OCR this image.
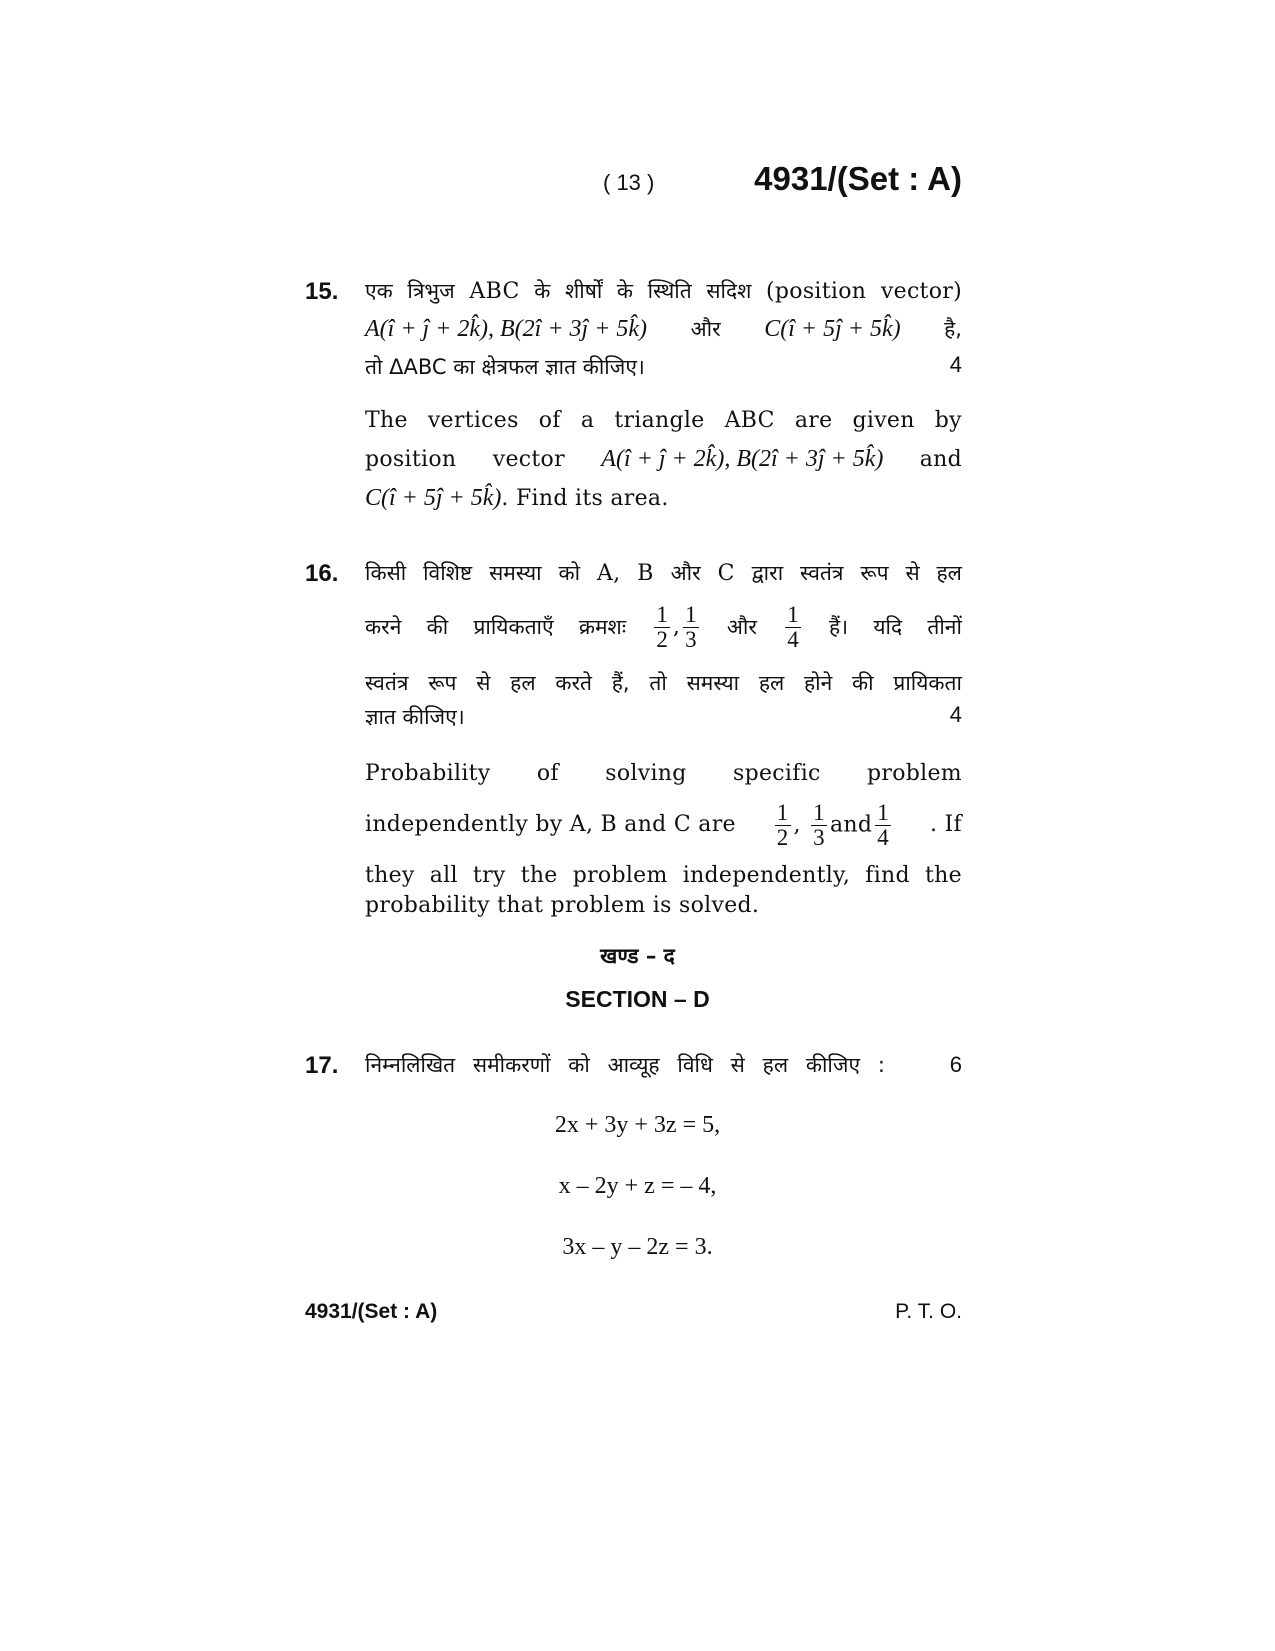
( 13 )	4931/(Set : A)
15. एक त्रिभुज ABC के शीर्षों के स्थिति सदिश (position vector)
A(î + ĵ + 2k̂), B(2î + 3ĵ + 5k̂) और C(î + 5ĵ + 5k̂) है,
तो ΔABC का क्षेत्रफल ज्ञात कीजिए।	4
The vertices of a triangle ABC are given by
position vector A(î + ĵ + 2k̂), B(2î + 3ĵ + 5k̂) and
C(î + 5ĵ + 5k̂). Find its area.
16. किसी विशिष्ट समस्या को A, B और C द्वारा स्वतंत्र रूप से हल
करने की प्रायिकताएँ क्रमशः $\frac{1}{2}$ , $\frac{1}{3}$ और $\frac{1}{4}$ हैं। यदि तीनों
स्वतंत्र रूप से हल करते हैं, तो समस्या हल होने की प्रायिकता
ज्ञात कीजिए।	4
Probability of solving specific problem
independently by A, B and C are $\frac{1}{2}$ , $\frac{1}{3}$ and $\frac{1}{4}$ . If
they all try the problem independently, find the
probability that problem is solved.
खण्ड – द
SECTION – D
17. निम्नलिखित समीकरणों को आव्यूह विधि से हल कीजिए :	6
2x + 3y + 3z = 5,
x – 2y + z = – 4,
3x – y – 2z = 3.
4931/(Set : A)	P. T. O.
